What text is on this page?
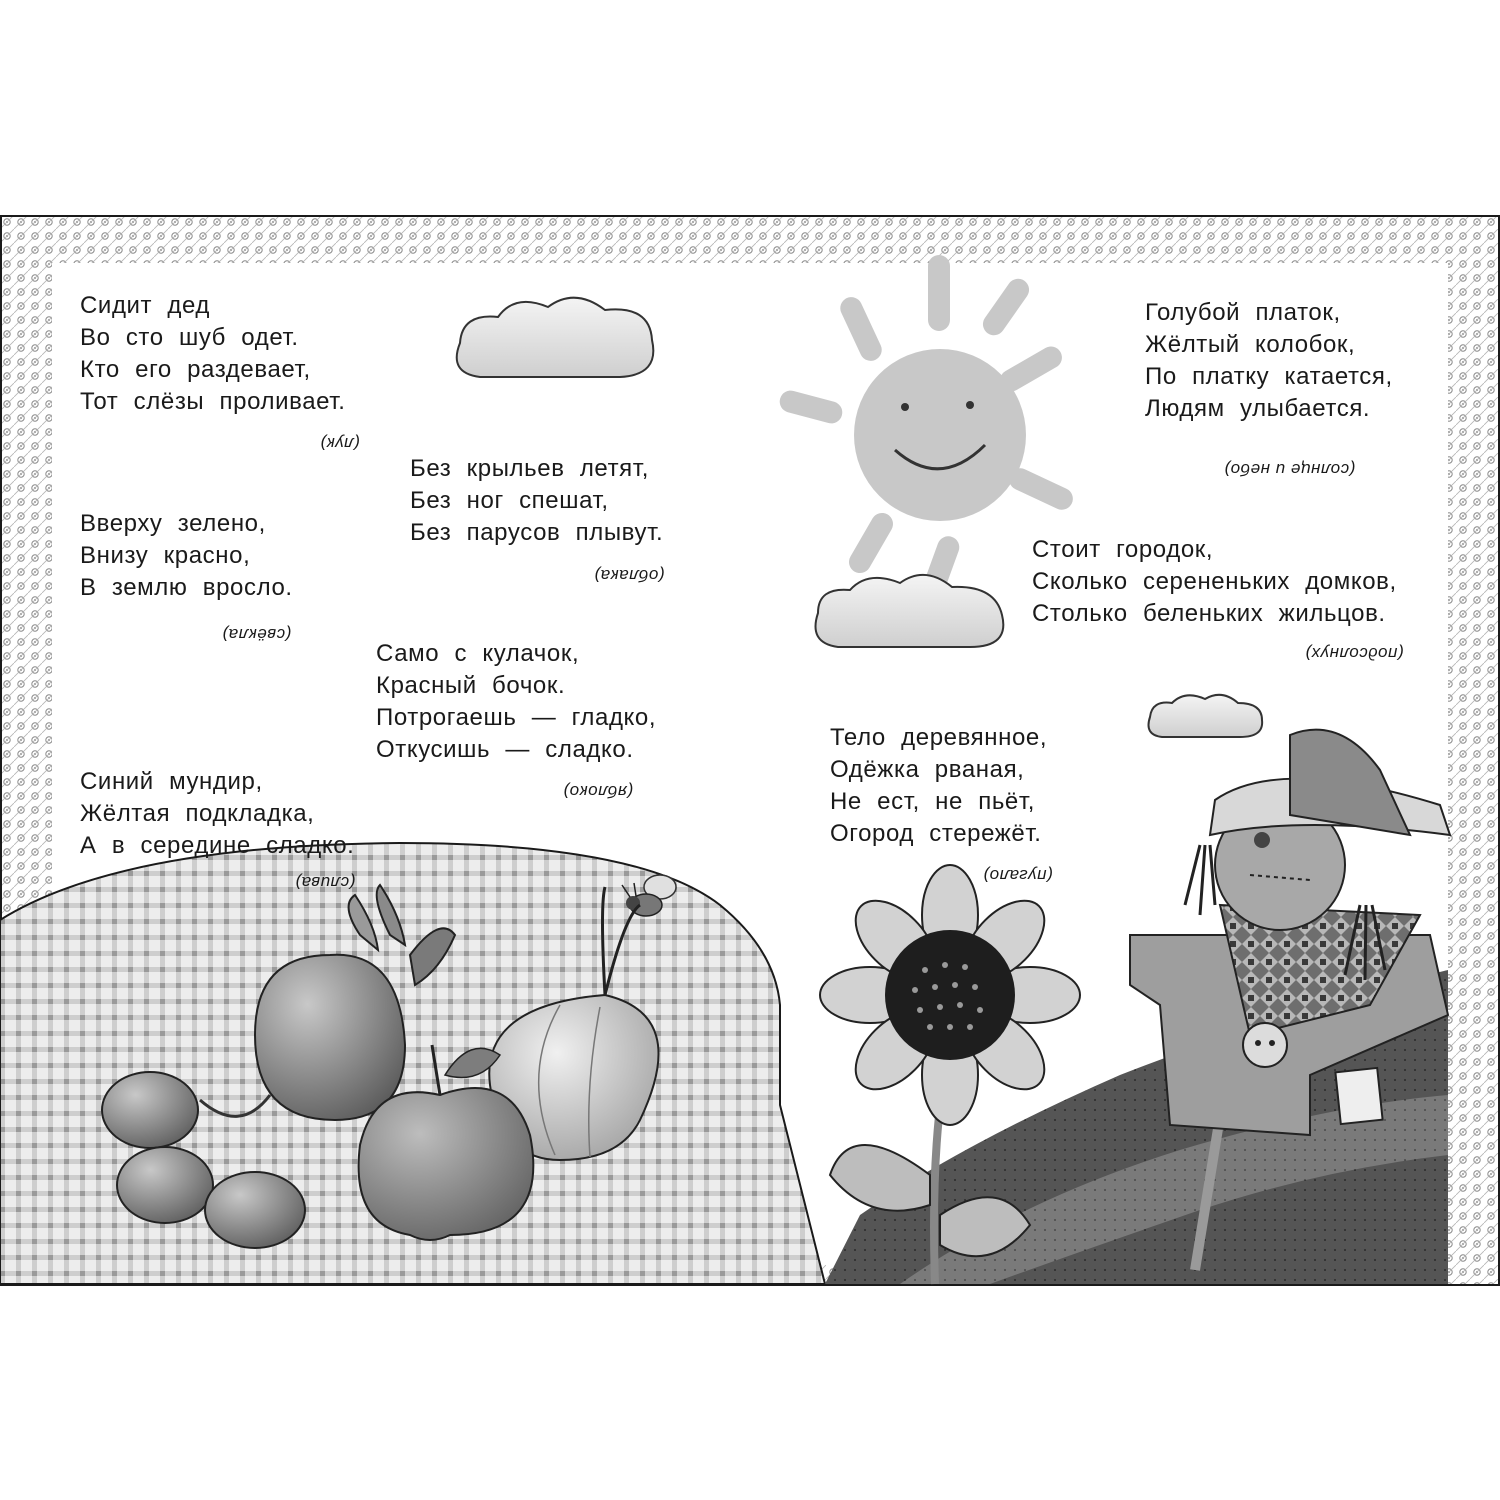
Сидит дед
Во сто шуб одет.
Кто его раздевает,
Тот слёзы проливает.
(лук)
Без крыльев летят,
Без ног спешат,
Без парусов плывут.
(облака)
Вверху зелено,
Внизу красно,
В землю вросло.
(свёкла)
Само с кулачок,
Красный бочок.
Потрогаешь — гладко,
Откусишь — сладко.
(яблоко)
Синий мундир,
Жёлтая подкладка,
А в середине сладко.
(слива)
Голубой платок,
Жёлтый колобок,
По платку катается,
Людям улыбается.
(солнце и небо)
Стоит городок,
Сколько серененьких домков,
Столько беленьких жильцов.
(подсолнух)
Тело деревянное,
Одёжка рваная,
Не ест, не пьёт,
Огород стережёт.
(пугало)
